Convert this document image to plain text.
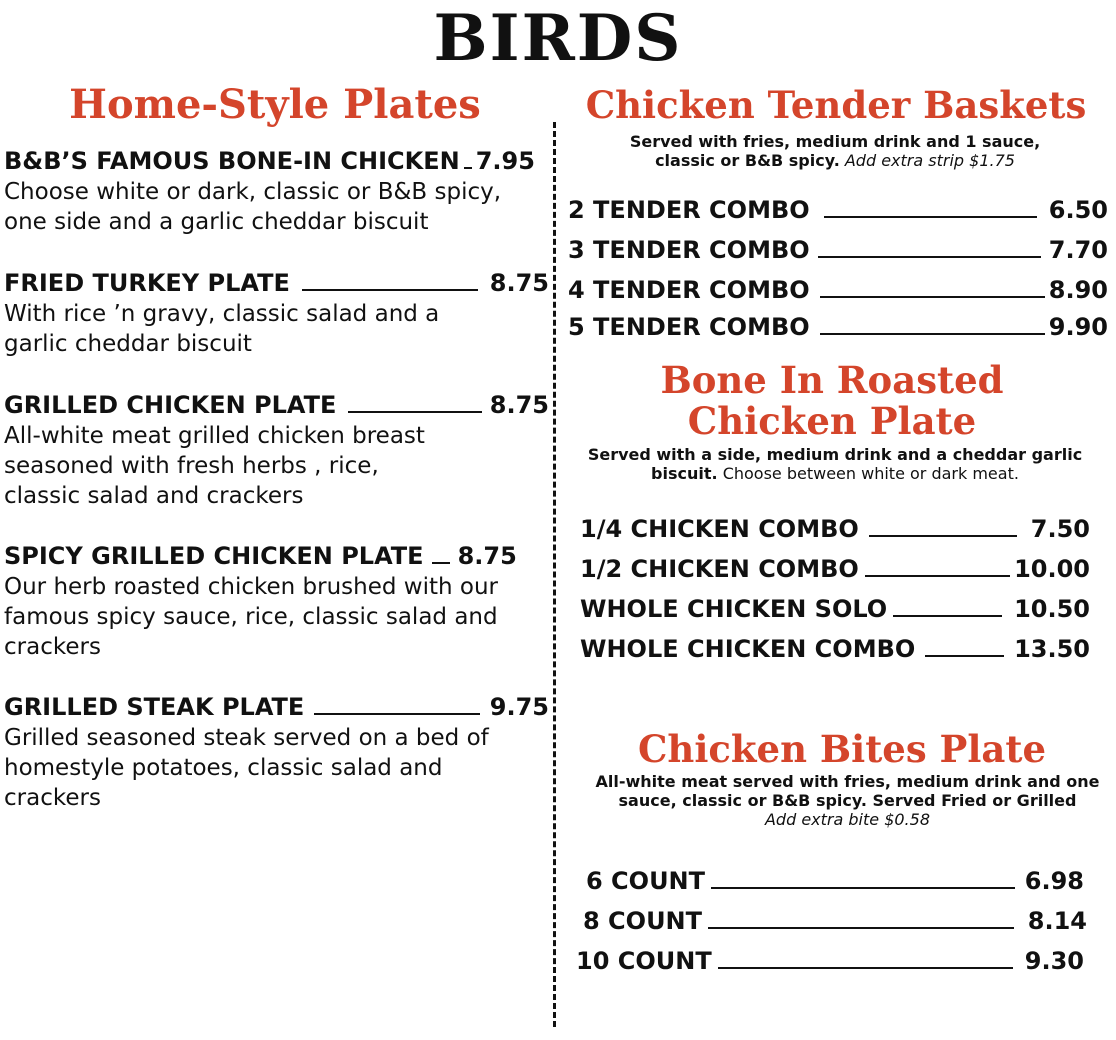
BIRDS
Home-Style Plates
B&B’S FAMOUS BONE-IN CHICKEN 7.95
Choose white or dark, classic or B&B spicy,
one side and a garlic cheddar biscuit
FRIED TURKEY PLATE	8.75
With rice ’n gravy, classic salad and a
garlic cheddar biscuit
GRILLED CHICKEN PLATE	8.75
All-white meat grilled chicken breast
seasoned with fresh herbs , rice,
classic salad and crackers
SPICY GRILLED CHICKEN PLATE 8.75
Our herb roasted chicken brushed with our
famous spicy sauce, rice, classic salad and
crackers
GRILLED STEAK PLATE	9.75
Grilled seasoned steak served on a bed of
homestyle potatoes, classic salad and
crackers
Chicken Tender Baskets
Served with fries, medium drink and 1 sauce,
classic or B&B spicy. Add extra strip $1.75
2 TENDER COMBO	6.50
3 TENDER COMBO	7.70
4 TENDER COMBO	8.90
5 TENDER COMBO	9.90
Bone In Roasted
Chicken Plate
Served with a side, medium drink and a cheddar garlic
biscuit. Choose between white or dark meat.
1/4 CHICKEN COMBO	7.50
1/2 CHICKEN COMBO	10.00
WHOLE CHICKEN SOLO	10.50
WHOLE CHICKEN COMBO	13.50
Chicken Bites Plate
All-white meat served with fries, medium drink and one
sauce, classic or B&B spicy. Served Fried or Grilled
Add extra bite $0.58
6 COUNT	6.98
8 COUNT	8.14
10 COUNT	9.30
